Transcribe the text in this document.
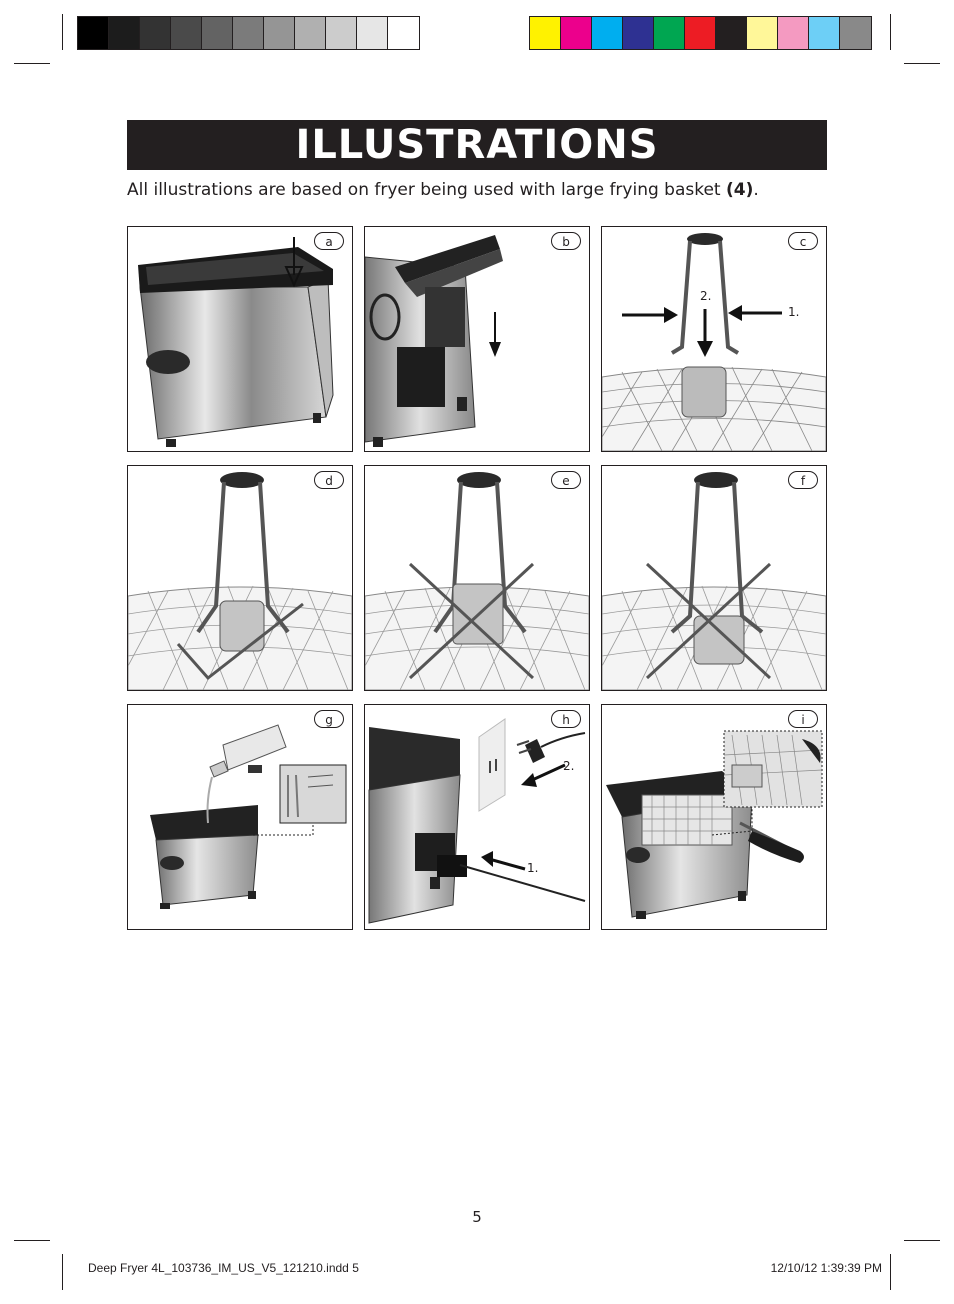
ILLUSTRATIONS
All illustrations are based on fryer being used with large frying basket (4).
a	b	c
2.
1.
d	e	f
g	h
2.
1.
i
5
Deep Fryer 4L_103736_IM_US_V5_121210.indd 5	12/10/12 1:39:39 PM
